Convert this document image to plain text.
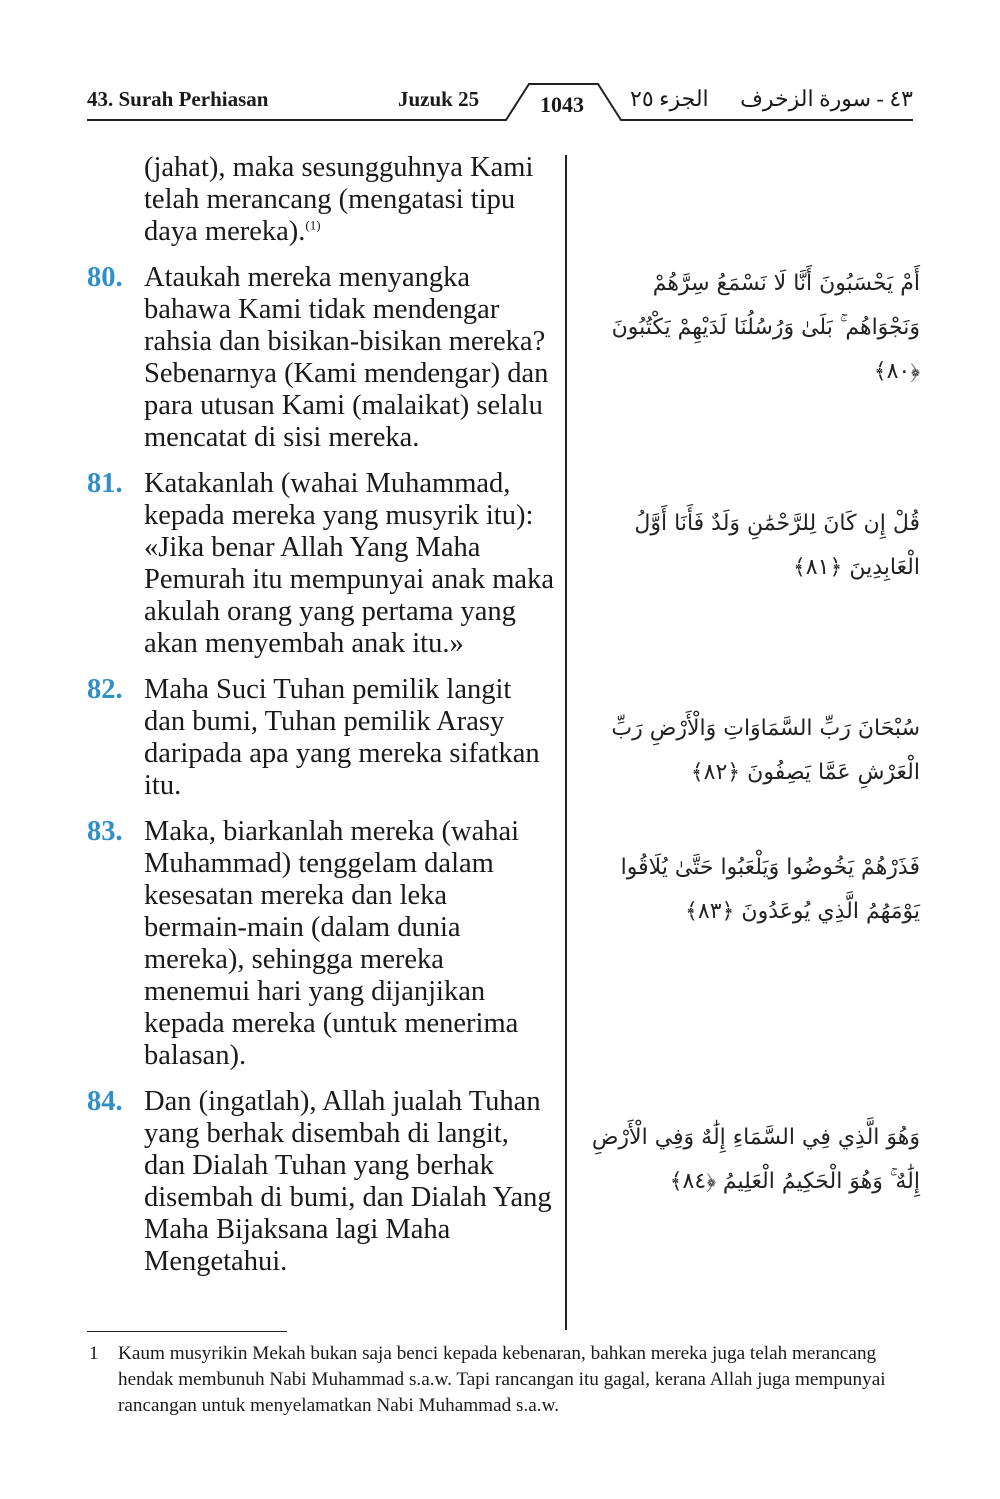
43. Surah Perhiasan	Juzuk 25	1043	الجزء ٢٥ ٤٣ - سورة الزخرف

(jahat), maka sesungguhnya Kami telah merancang (mengatasi tipu daya mereka).$^{(1)}$

80. Ataukah mereka menyangka bahawa Kami tidak mendengar rahsia dan bisikan-bisikan mereka? Sebenarnya (Kami mendengar) dan para utusan Kami (malaikat) selalu mencatat di sisi mereka.

81. Katakanlah (wahai Muhammad, kepada mereka yang musyrik itu): «Jika benar Allah Yang Maha Pemurah itu mempunyai anak maka akulah orang yang pertama yang akan menyembah anak itu.»

82. Maha Suci Tuhan pemilik langit dan bumi, Tuhan pemilik Arasy daripada apa yang mereka sifatkan itu.

83. Maka, biarkanlah mereka (wahai Muhammad) tenggelam dalam kesesatan mereka dan leka bermain-main (dalam dunia mereka), sehingga mereka menemui hari yang dijanjikan kepada mereka (untuk menerima balasan).

84. Dan (ingatlah), Allah jualah Tuhan yang berhak disembah di langit, dan Dialah Tuhan yang berhak disembah di bumi, dan Dialah Yang Maha Bijaksana lagi Maha Mengetahui.

أَمْ يَحْسَبُونَ أَنَّا لَا نَسْمَعُ سِرَّهُمْ وَنَجْوَاهُم ۚ بَلَىٰ وَرُسُلُنَا لَدَيْهِمْ يَكْتُبُونَ ﴿٨٠﴾
قُلْ إِن كَانَ لِلرَّحْمَٰنِ وَلَدٌ فَأَنَا أَوَّلُ الْعَابِدِينَ ﴿٨١﴾
سُبْحَانَ رَبِّ السَّمَاوَاتِ وَالْأَرْضِ رَبِّ الْعَرْشِ عَمَّا يَصِفُونَ ﴿٨٢﴾
فَذَرْهُمْ يَخُوضُوا وَيَلْعَبُوا حَتَّىٰ يُلَاقُوا يَوْمَهُمُ الَّذِي يُوعَدُونَ ﴿٨٣﴾
وَهُوَ الَّذِي فِي السَّمَاءِ إِلَٰهٌ وَفِي الْأَرْضِ إِلَٰهٌ ۚ وَهُوَ الْحَكِيمُ الْعَلِيمُ ﴿٨٤﴾
1 Kaum musyrikin Mekah bukan saja benci kepada kebenaran, bahkan mereka juga telah merancang hendak membunuh Nabi Muhammad s.a.w. Tapi rancangan itu gagal, kerana Allah juga mempunyai rancangan untuk menyelamatkan Nabi Muhammad s.a.w.
